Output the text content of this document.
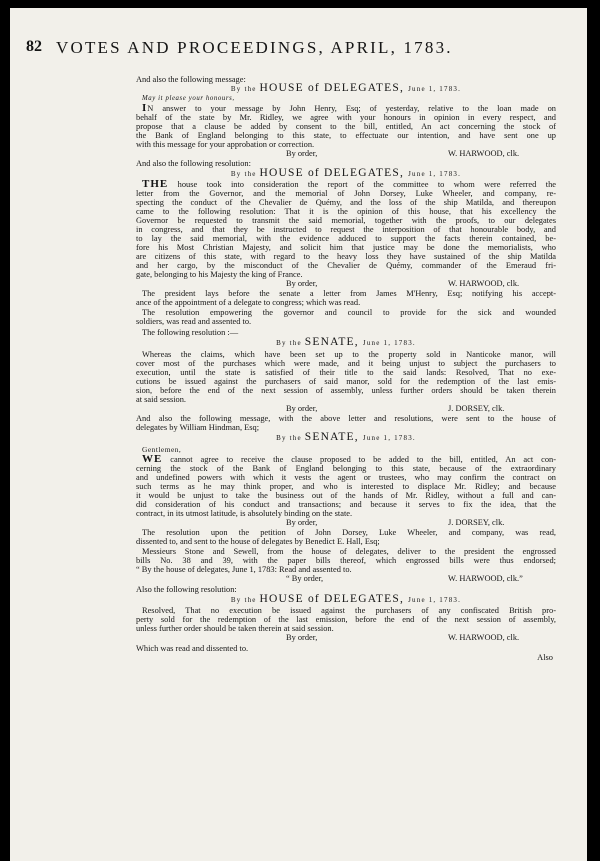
82 VOTES AND PROCEEDINGS, APRIL, 1783.
And also the following message:
By the HOUSE of DELEGATES, June 1, 1783.
May it please your honours,
IN answer to your message by John Henry, Esq; of yesterday, relative to the loan made on
behalf of the state by Mr. Ridley, we agree with your honours in opinion in every respect, and
propose that a clause be added by consent to the bill, entitled, An act concerning the stock of
the Bank of England belonging to this state, to effectuate our intention, and have sent one up
with this message for your approbation or correction.
By order,	W. HARWOOD, clk.
And also the following resolution:
By the HOUSE of DELEGATES, June 1, 1783.
THE house took into consideration the report of the committee to whom were referred the
letter from the Governor, and the memorial of John Dorsey, Luke Wheeler, and company, re-
specting the conduct of the Chevalier de Quémy, and the loss of the ship Matilda, and thereupon
came to the following resolution: That it is the opinion of this house, that his excellency the
Governor be requested to transmit the said memorial, together with the proofs, to our delegates
in congress, and that they be instructed to request the interposition of that honourable body, and
to lay the said memorial, with the evidence adduced to support the facts therein contained, be-
fore his Most Christian Majesty, and solicit him that justice may be done the memorialists, who
are citizens of this state, with regard to the heavy loss they have sustained of the ship Matilda
and her cargo, by the misconduct of the Chevalier de Quémy, commander of the Emeraud fri-
gate, belonging to his Majesty the king of France.
By order,	W. HARWOOD, clk.
The president lays before the senate a letter from James M'Henry, Esq; notifying his accept-
ance of the appointment of a delegate to congress; which was read.
The resolution empowering the governor and council to provide for the sick and wounded
soldiers, was read and assented to.
The following resolution :—
By the SENATE, June 1, 1783.
Whereas the claims, which have been set up to the property sold in Nanticoke manor, will
cover most of the purchases which were made, and it being unjust to subject the purchasers to
execution, until the state is satisfied of their title to the said lands: Resolved, That no exe-
cutions be issued against the purchasers of said manor, sold for the redemption of the last emis-
sion, before the end of the next session of assembly, unless further orders should be taken therein
at said session.
By order,	J. DORSEY, clk.
And also the following message, with the above letter and resolutions, were sent to the house of
delegates by William Hindman, Esq;
By the SENATE, June 1, 1783.
Gentlemen,
WE cannot agree to receive the clause proposed to be added to the bill, entitled, An act con-
cerning the stock of the Bank of England belonging to this state, because of the extraordinary
and undefined powers with which it vests the agent or trustees, who may confirm the contract on
such terms as he may think proper, and who is interested to displace Mr. Ridley; and because
it would be unjust to take the business out of the hands of Mr. Ridley, without a full and can-
did consideration of his conduct and transactions; and because it serves to fix the idea, that the
contract, in its utmost latitude, is absolutely binding on the state.
By order,	J. DORSEY, clk.
The resolution upon the petition of John Dorsey, Luke Wheeler, and company, was read,
dissented to, and sent to the house of delegates by Benedict E. Hall, Esq;
Messieurs Stone and Sewell, from the house of delegates, deliver to the president the engrossed
bills No. 38 and 39, with the paper bills thereof, which engrossed bills were thus endorsed;
“ By the house of delegates, June 1, 1783: Read and assented to.
“ By order,	W. HARWOOD, clk.”
Also the following resolution:
By the HOUSE of DELEGATES, June 1, 1783.
Resolved, That no execution be issued against the purchasers of any confiscated British pro-
perty sold for the redemption of the last emission, before the end of the next session of assembly,
unless further order should be taken therein at said session.
By order,	W. HARWOOD, clk.
Which was read and dissented to.
Also
